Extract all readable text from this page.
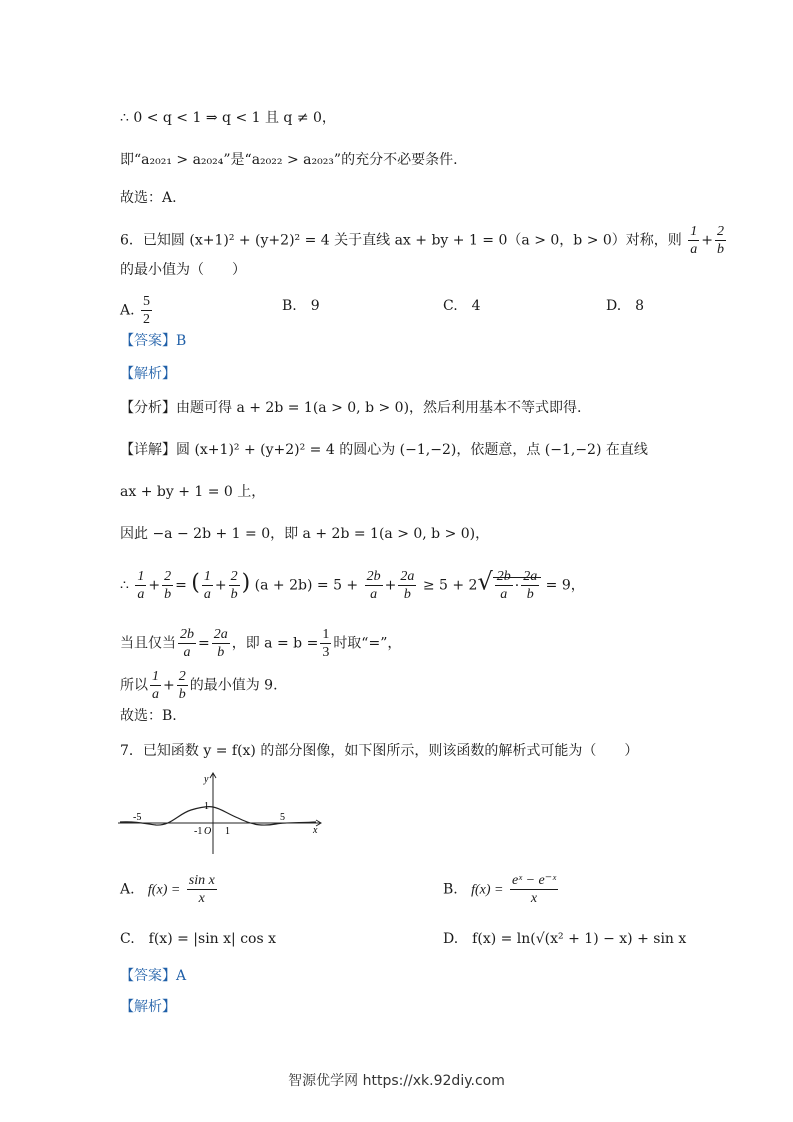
∴ 0 < q < 1 ⇒ q < 1 且 q ≠ 0，
即“a₂₀₂₁ > a₂₀₂₄”是“a₂₀₂₂ > a₂₀₂₃”的充分不必要条件.
故选：A.
6．已知圆 (x+1)² + (y+2)² = 4 关于直线 ax + by + 1 = 0（a > 0，b > 0）对称，则 $\frac{1}{a} + \frac{2}{b}$
的最小值为（　　）
A. $\frac{5}{2}$	B.　9	C.　4	D.　8
【答案】B
【解析】
【分析】由题可得 a + 2b = 1(a > 0, b > 0)，然后利用基本不等式即得.
【详解】圆 (x+1)² + (y+2)² = 4 的圆心为 (−1,−2)，依题意，点 (−1,−2) 在直线
ax + by + 1 = 0 上，
因此 −a − 2b + 1 = 0，即 a + 2b = 1(a > 0, b > 0)，
∴ $\frac{1}{a} + \frac{2}{b}$ = ( $\frac{1}{a} + \frac{2}{b}$ ) $(a + 2b) = 5 + \frac{2b}{a} + \frac{2a}{b} \ge 5 + 2√ \frac{2b}{a} \cdot \frac{2a}{b} = 9$，
当且仅当 $\frac{2b}{a} = \frac{2a}{b}$ ，即 $a = b = \frac{1}{3}$ 时取“=”，
所以 $\frac{1}{a} + \frac{2}{b}$ 的最小值为 9.
故选：B.
7．已知函数 y = f(x) 的部分图像，如下图所示，则该函数的解析式可能为（　　）
y
x
1
-5	5
-1 O 1
A. $f(x) = \frac{\text{sin x}}{x}$	B. $f(x) = \frac{\text{eˣ − e⁻ˣ}}{x}$
C.　f(x) = |sin x| cos x	D.　f(x) = ln(√(x² + 1) − x) + sin x
【答案】A
【解析】
智源优学网 https://xk.92diy.com
